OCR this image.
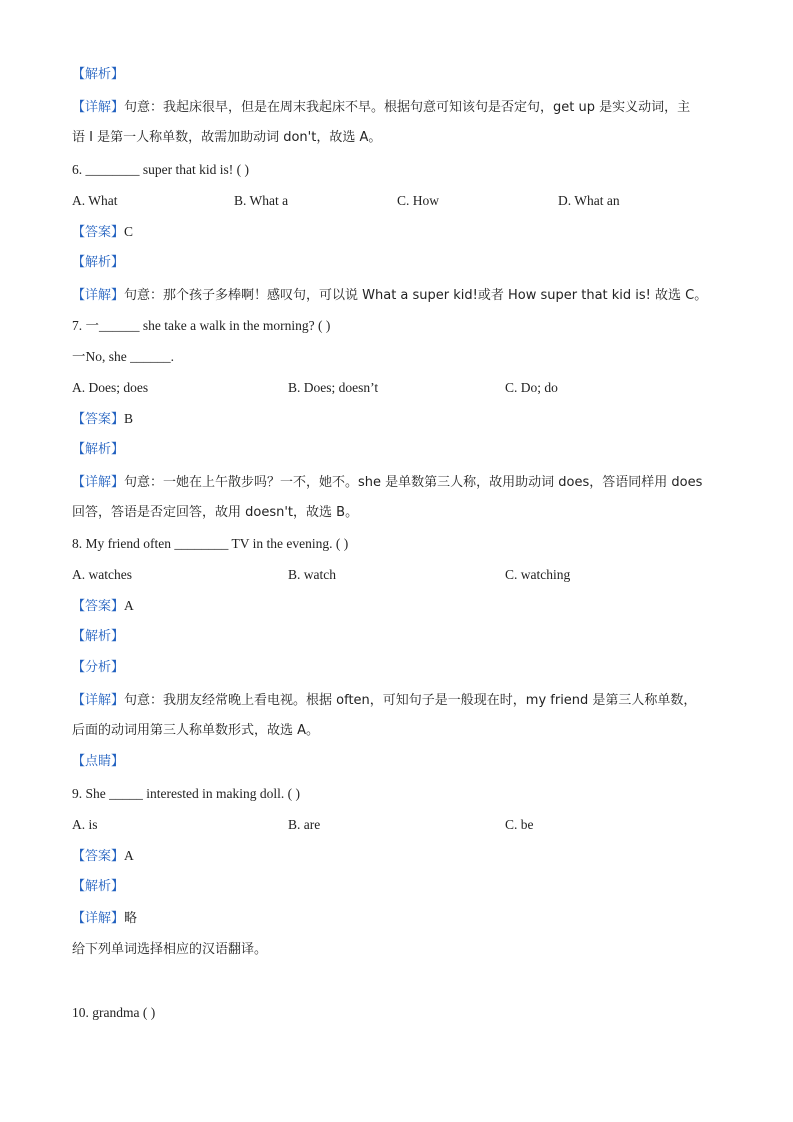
【解析】
【详解】句意：我起床很早，但是在周末我起床不早。根据句意可知该句是否定句，get up 是实义动词，主
语 I 是第一人称单数，故需加助动词 don't，故选 A。
6. ________ super that kid is! ( )
A. What	B. What a	C. How	D. What an
【答案】C
【解析】
【详解】句意：那个孩子多棒啊！感叹句，可以说 What a super kid!或者 How super that kid is! 故选 C。
7. 一______ she take a walk in the morning? ( )
一No, she ______.
A. Does; does	B. Does; doesn’t	C. Do; do
【答案】B
【解析】
【详解】句意：一她在上午散步吗？一不，她不。she 是单数第三人称，故用助动词 does，答语同样用 does
回答，答语是否定回答，故用 doesn't，故选 B。
8. My friend often ________ TV in the evening. ( )
A. watches	B. watch	C. watching
【答案】A
【解析】
【分析】
【详解】句意：我朋友经常晚上看电视。根据 often，可知句子是一般现在时，my friend 是第三人称单数，
后面的动词用第三人称单数形式，故选 A。
【点睛】
9. She _____ interested in making doll. ( )
A. is	B. are	C. be
【答案】A
【解析】
【详解】略
给下列单词选择相应的汉语翻译。
10. grandma ( )
